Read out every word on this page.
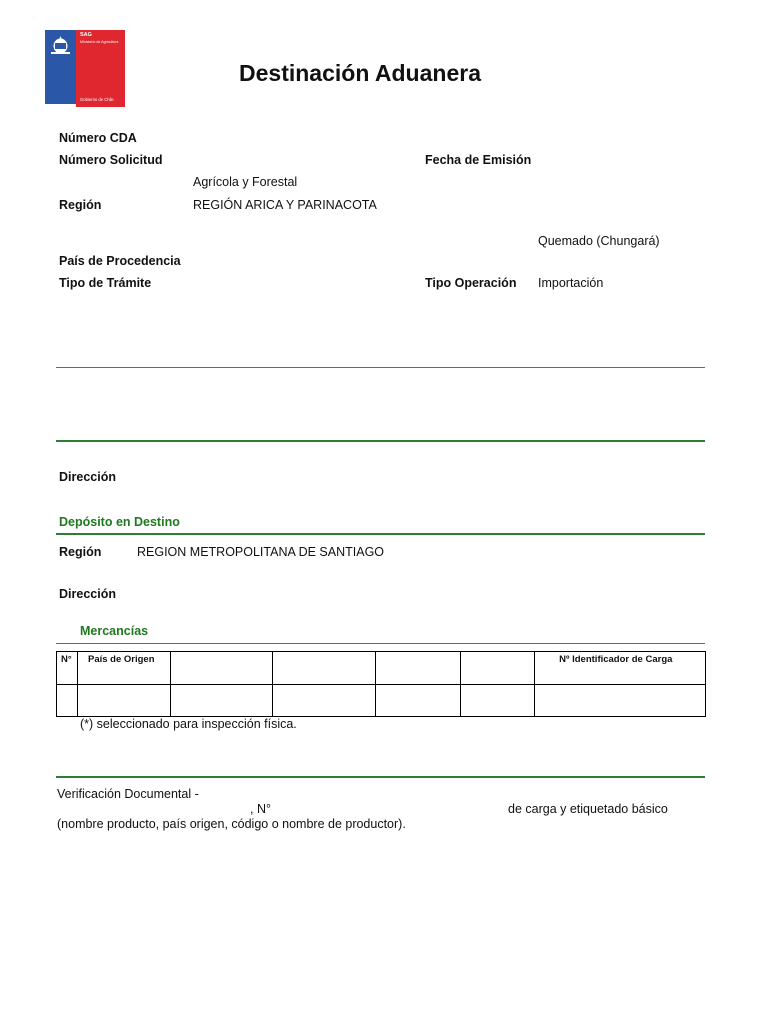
SAG
Ministerio de Agricultura
Gobierno de Chile
Destinación Aduanera
Número CDA
Número Solicitud	Fecha de Emisión
Agrícola y Forestal
Región	REGIÓN ARICA Y PARINACOTA
Quemado (Chungará)
País de Procedencia
Tipo de Trámite	Tipo Operación Importación
Dirección
Depósito en Destino
Región	REGION METROPOLITANA DE SANTIAGO
Dirección
Mercancías
N°	País de Origen					Nº Identificador de Carga

(*) seleccionado para inspección física.
Verificación Documental -
, N°	de carga y etiquetado básico
(nombre producto, país origen, código o nombre de productor).
